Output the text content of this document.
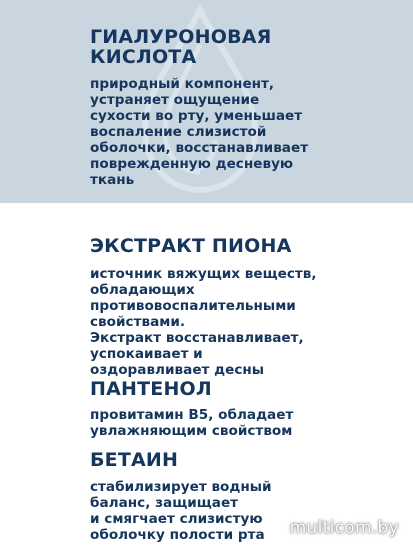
ГИАЛУРОНОВАЯ
КИСЛОТА

природный компонент,
устраняет ощущение
сухости во рту, уменьшает
воспаление слизистой
оболочки, восстанавливает
поврежденную десневую
ткань

ЭКСТРАКТ ПИОНА

источник вяжущих веществ,
обладающих
противовоспалительными
свойствами.
Экстракт восстанавливает,
успокаивает и
оздоравливает десны

ПАНТЕНОЛ

провитамин В5, обладает
увлажняющим свойством

БЕТАИН

стабилизирует водный
баланс, защищает
и смягчает слизистую
оболочку полости рта	multicom.by
